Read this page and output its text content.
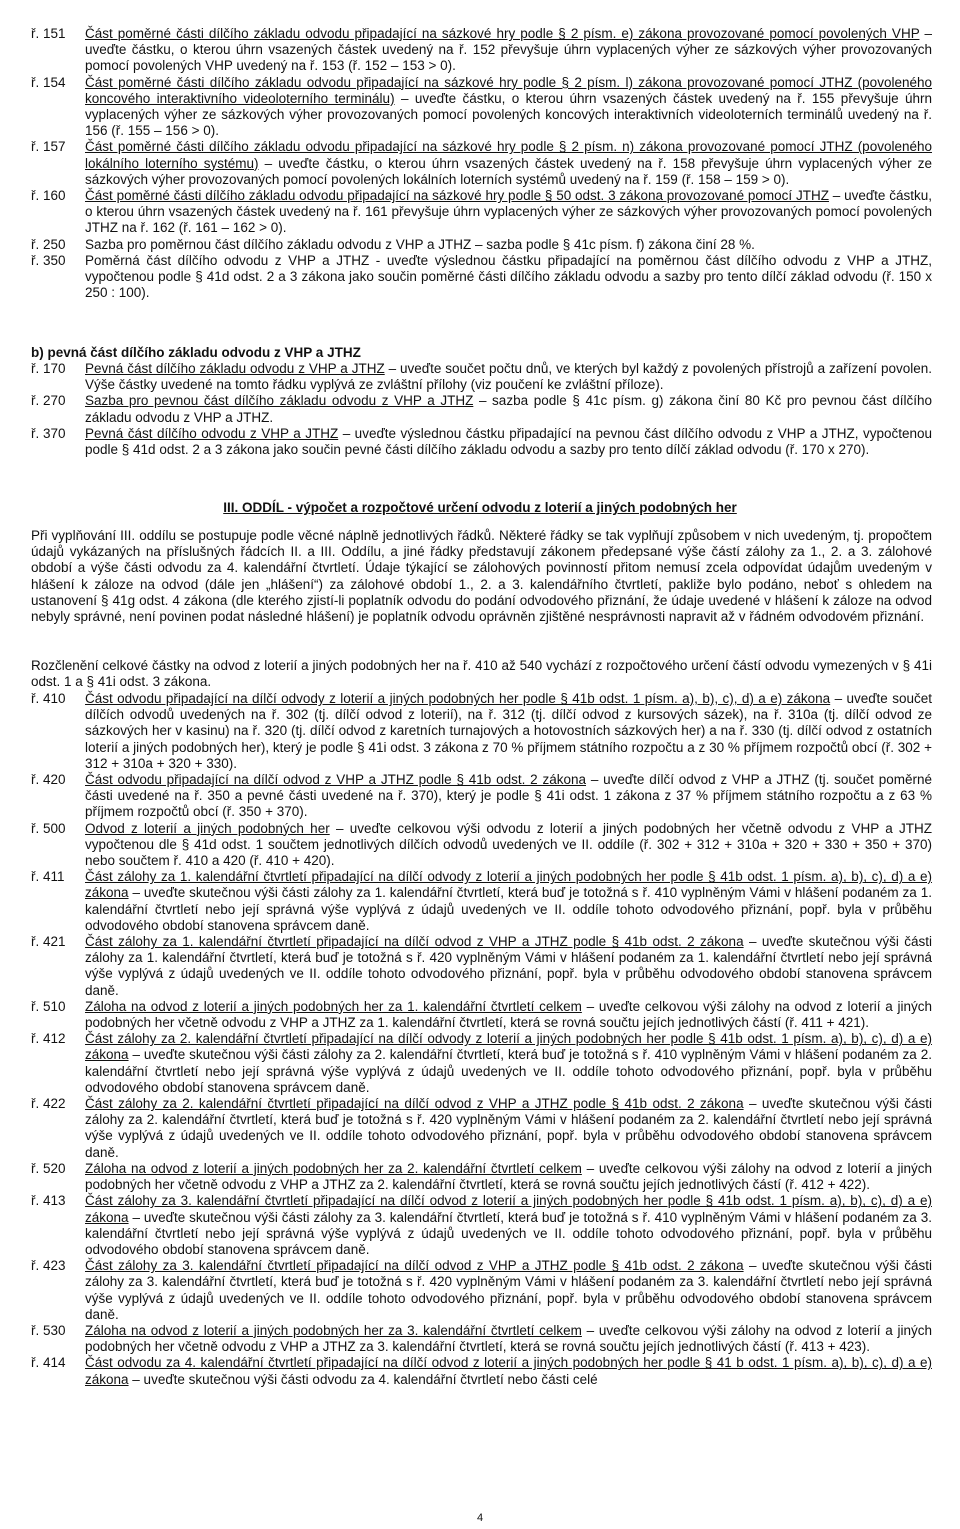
ř. 151 Část poměrné části dílčího základu odvodu připadající na sázkové hry podle § 2 písm. e) zákona provozované pomocí povolených VHP – uveďte částku, o kterou úhrn vsazených částek uvedený na ř. 152 převyšuje úhrn vyplacených výher ze sázkových výher provozovaných pomocí povolených VHP uvedený na ř. 153 (ř. 152 – 153 > 0).
ř. 154 Část poměrné části dílčího základu odvodu připadající na sázkové hry podle § 2 písm. l) zákona provozované pomocí JTHZ (povoleného koncového interaktivního videoloterního terminálu) – uveďte částku, o kterou úhrn vsazených částek uvedený na ř. 155 převyšuje úhrn vyplacených výher ze sázkových výher provozovaných pomocí povolených koncových interaktivních videoloterních terminálů uvedený na ř. 156 (ř. 155 – 156 > 0).
ř. 157 Část poměrné části dílčího základu odvodu připadající na sázkové hry podle § 2 písm. n) zákona provozované pomocí JTHZ (povoleného lokálního loterního systému) – uveďte částku, o kterou úhrn vsazených částek uvedený na ř. 158 převyšuje úhrn vyplacených výher ze sázkových výher provozovaných pomocí povolených lokálních loterních systémů uvedený na ř. 159 (ř. 158 – 159 > 0).
ř. 160 Část poměrné části dílčího základu odvodu připadající na sázkové hry podle § 50 odst. 3 zákona provozované pomocí JTHZ – uveďte částku, o kterou úhrn vsazených částek uvedený na ř. 161 převyšuje úhrn vyplacených výher ze sázkových výher provozovaných pomocí povolených JTHZ na ř. 162 (ř. 161 – 162 > 0).
ř. 250 Sazba pro poměrnou část dílčího základu odvodu z VHP a JTHZ – sazba podle § 41c písm. f) zákona činí 28 %.
ř. 350 Poměrná část dílčího odvodu z VHP a JTHZ - uveďte výslednou částku připadající na poměrnou část dílčího odvodu z VHP a JTHZ, vypočtenou podle § 41d odst. 2 a 3 zákona jako součin poměrné části dílčího základu odvodu a sazby pro tento dílčí základ odvodu (ř. 150 x 250 : 100).
b) pevná část dílčího základu odvodu z VHP a JTHZ
ř. 170 Pevná část dílčího základu odvodu z VHP a JTHZ – uveďte součet počtu dnů, ve kterých byl každý z povolených přístrojů a zařízení povolen. Výše částky uvedené na tomto řádku vyplývá ze zvláštní přílohy (viz poučení ke zvláštní příloze).
ř. 270 Sazba pro pevnou část dílčího základu odvodu z VHP a JTHZ – sazba podle § 41c písm. g) zákona činí 80 Kč pro pevnou část dílčího základu odvodu z VHP a JTHZ.
ř. 370 Pevná část dílčího odvodu z VHP a JTHZ – uveďte výslednou částku připadající na pevnou část dílčího odvodu z VHP a JTHZ, vypočtenou podle § 41d odst. 2 a 3 zákona jako součin pevné části dílčího základu odvodu a sazby pro tento dílčí základ odvodu (ř. 170 x 270).
III. ODDÍL - výpočet a rozpočtové určení odvodu z loterií a jiných podobných her
Při vyplňování III. oddílu se postupuje podle věcné náplně jednotlivých řádků. Některé řádky se tak vyplňují způsobem v nich uvedeným, tj. propočtem údajů vykázaných na příslušných řádcích II. a III. Oddílu, a jiné řádky představují zákonem předepsané výše částí zálohy za 1., 2. a 3. zálohové období a výše části odvodu za 4. kalendářní čtvrtletí. Údaje týkající se zálohových povinností přitom nemusí zcela odpovídat údajům uvedeným v hlášení k záloze na odvod (dále jen „hlášení“) za zálohové období 1., 2. a 3. kalendářního čtvrtletí, pakliže bylo podáno, neboť s ohledem na ustanovení § 41g odst. 4 zákona (dle kterého zjistí-li poplatník odvodu do podání odvodového přiznání, že údaje uvedené v hlášení k záloze na odvod nebyly správné, není povinen podat následné hlášení) je poplatník odvodu oprávněn zjištěné nesprávnosti napravit až v řádném odvodovém přiznání.
Rozčlenění celkové částky na odvod z loterií a jiných podobných her na ř. 410 až 540 vychází z rozpočtového určení částí odvodu vymezených v § 41i odst. 1 a § 41i odst. 3 zákona.
ř. 410 Část odvodu připadající na dílčí odvody z loterií a jiných podobných her podle § 41b odst. 1 písm. a), b), c), d) a e) zákona – uveďte součet dílčích odvodů uvedených na ř. 302 (tj. dílčí odvod z loterií), na ř. 312 (tj. dílčí odvod z kursových sázek), na ř. 310a (tj. dílčí odvod ze sázkových her v kasinu) na ř. 320 (tj. dílčí odvod z karetních turnajových a hotovostních sázkových her) a na ř. 330 (tj. dílčí odvod z ostatních loterií a jiných podobných her), který je podle § 41i odst. 3 zákona z 70 % příjmem státního rozpočtu a z 30 % příjmem rozpočtů obcí (ř. 302 + 312 + 310a + 320 + 330).
ř. 420 Část odvodu připadající na dílčí odvod z VHP a JTHZ podle § 41b odst. 2 zákona – uveďte dílčí odvod z VHP a JTHZ (tj. součet poměrné části uvedené na ř. 350 a pevné části uvedené na ř. 370), který je podle § 41i odst. 1 zákona z 37 % příjmem státního rozpočtu a z 63 % příjmem rozpočtů obcí (ř. 350 + 370).
ř. 500 Odvod z loterií a jiných podobných her – uveďte celkovou výši odvodu z loterií a jiných podobných her včetně odvodu z VHP a JTHZ vypočtenou dle § 41d odst. 1 součtem jednotlivých dílčích odvodů uvedených ve II. oddíle (ř. 302 + 312 + 310a + 320 + 330 + 350 + 370) nebo součtem ř. 410 a 420 (ř. 410 + 420).
ř. 411 Část zálohy za 1. kalendářní čtvrtletí připadající na dílčí odvody z loterií a jiných podobných her podle § 41b odst. 1 písm. a), b), c), d) a e) zákona – uveďte skutečnou výši části zálohy za 1. kalendářní čtvrtletí, která buď je totožná s ř. 410 vyplněným Vámi v hlášení podaném za 1. kalendářní čtvrtletí nebo její správná výše vyplývá z údajů uvedených ve II. oddíle tohoto odvodového přiznání, popř. byla v průběhu odvodového období stanovena správcem daně.
ř. 421 Část zálohy za 1. kalendářní čtvrtletí připadající na dílčí odvod z VHP a JTHZ podle § 41b odst. 2 zákona – uveďte skutečnou výši části zálohy za 1. kalendářní čtvrtletí, která buď je totožná s ř. 420 vyplněným Vámi v hlášení podaném za 1. kalendářní čtvrtletí nebo její správná výše vyplývá z údajů uvedených ve II. oddíle tohoto odvodového přiznání, popř. byla v průběhu odvodového období stanovena správcem daně.
ř. 510 Záloha na odvod z loterií a jiných podobných her za 1. kalendářní čtvrtletí celkem – uveďte celkovou výši zálohy na odvod z loterií a jiných podobných her včetně odvodu z VHP a JTHZ za 1. kalendářní čtvrtletí, která se rovná součtu jejích jednotlivých částí (ř. 411 + 421).
ř. 412 Část zálohy za 2. kalendářní čtvrtletí připadající na dílčí odvody z loterií a jiných podobných her podle § 41b odst. 1 písm. a), b), c), d) a e) zákona – uveďte skutečnou výši části zálohy za 2. kalendářní čtvrtletí, která buď je totožná s ř. 410 vyplněným Vámi v hlášení podaném za 2. kalendářní čtvrtletí nebo její správná výše vyplývá z údajů uvedených ve II. oddíle tohoto odvodového přiznání, popř. byla v průběhu odvodového období stanovena správcem daně.
ř. 422 Část zálohy za 2. kalendářní čtvrtletí připadající na dílčí odvod z VHP a JTHZ podle § 41b odst. 2 zákona – uveďte skutečnou výši části zálohy za 2. kalendářní čtvrtletí, která buď je totožná s ř. 420 vyplněným Vámi v hlášení podaném za 2. kalendářní čtvrtletí nebo její správná výše vyplývá z údajů uvedených ve II. oddíle tohoto odvodového přiznání, popř. byla v průběhu odvodového období stanovena správcem daně.
ř. 520 Záloha na odvod z loterií a jiných podobných her za 2. kalendářní čtvrtletí celkem – uveďte celkovou výši zálohy na odvod z loterií a jiných podobných her včetně odvodu z VHP a JTHZ za 2. kalendářní čtvrtletí, která se rovná součtu jejích jednotlivých částí (ř. 412 + 422).
ř. 413 Část zálohy za 3. kalendářní čtvrtletí připadající na dílčí odvod z loterií a jiných podobných her podle § 41b odst. 1 písm. a), b), c), d) a e) zákona – uveďte skutečnou výši části zálohy za 3. kalendářní čtvrtletí, která buď je totožná s ř. 410 vyplněným Vámi v hlášení podaném za 3. kalendářní čtvrtletí nebo její správná výše vyplývá z údajů uvedených ve II. oddíle tohoto odvodového přiznání, popř. byla v průběhu odvodového období stanovena správcem daně.
ř. 423 Část zálohy za 3. kalendářní čtvrtletí připadající na dílčí odvod z VHP a JTHZ podle § 41b odst. 2 zákona – uveďte skutečnou výši části zálohy za 3. kalendářní čtvrtletí, která buď je totožná s ř. 420 vyplněným Vámi v hlášení podaném za 3. kalendářní čtvrtletí nebo její správná výše vyplývá z údajů uvedených ve II. oddíle tohoto odvodového přiznání, popř. byla v průběhu odvodového období stanovena správcem daně.
ř. 530 Záloha na odvod z loterií a jiných podobných her za 3. kalendářní čtvrtletí celkem – uveďte celkovou výši zálohy na odvod z loterií a jiných podobných her včetně odvodu z VHP a JTHZ za 3. kalendářní čtvrtletí, která se rovná součtu jejích jednotlivých částí (ř. 413 + 423).
ř. 414 Část odvodu za 4. kalendářní čtvrtletí připadající na dílčí odvod z loterií a jiných podobných her podle § 41 b odst. 1 písm. a), b), c), d) a e) zákona – uveďte skutečnou výši části odvodu za 4. kalendářní čtvrtletí nebo části celé
4
